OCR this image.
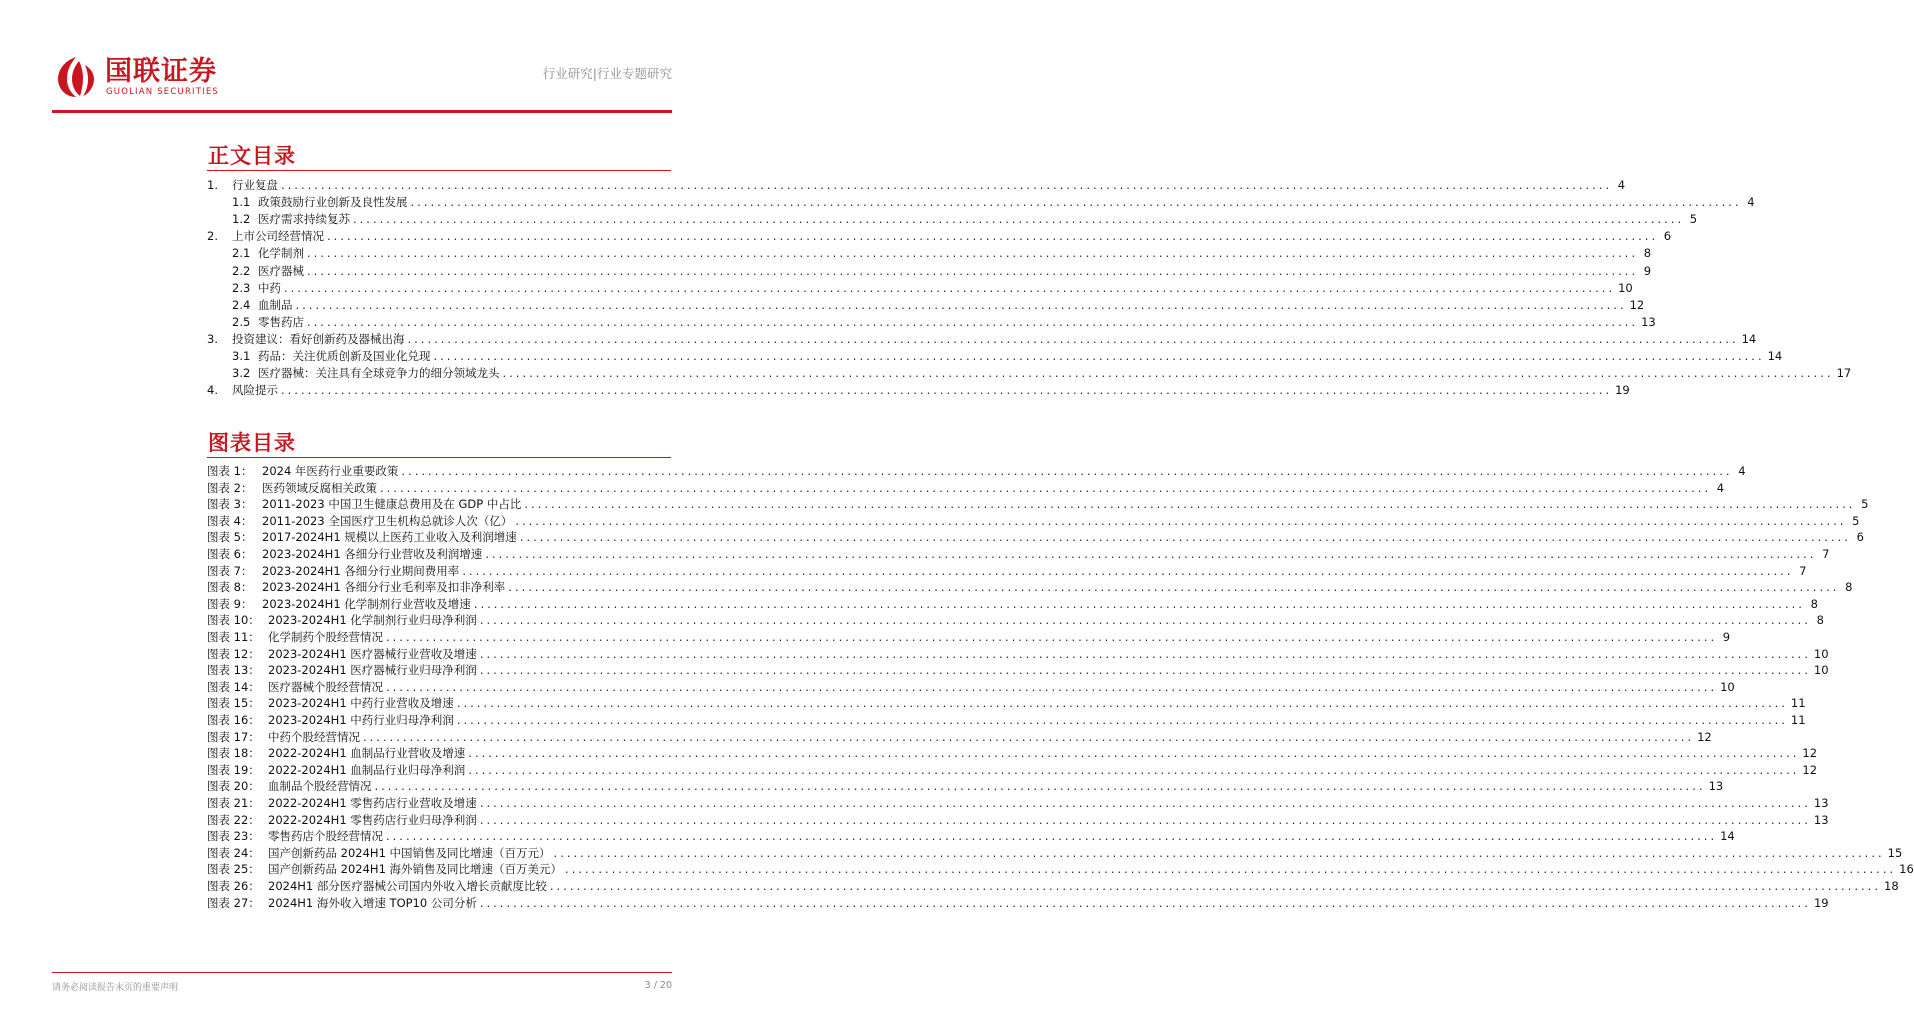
国联证券
GUOLIAN SECURITIES
行业研究|行业专题研究
正文目录
1. 行业复盘 ........................................................................................................................................................................................................ 4
1.1 政策鼓励行业创新及良性发展 ........................................................................................................................................................................................................ 4
1.2 医疗需求持续复苏 ........................................................................................................................................................................................................ 5
2. 上市公司经营情况 ........................................................................................................................................................................................................ 6
2.1 化学制剂 ........................................................................................................................................................................................................ 8
2.2 医疗器械 ........................................................................................................................................................................................................ 9
2.3 中药 ........................................................................................................................................................................................................ 10
2.4 血制品 ........................................................................................................................................................................................................ 12
2.5 零售药店 ........................................................................................................................................................................................................ 13
3. 投资建议：看好创新药及器械出海 ........................................................................................................................................................................................................ 14
3.1 药品：关注优质创新及国业化兑现 ........................................................................................................................................................................................................ 14
3.2 医疗器械：关注具有全球竞争力的细分领域龙头 ........................................................................................................................................................................................................ 17
4. 风险提示 ........................................................................................................................................................................................................ 19
图表目录
图表 1： 2024 年医药行业重要政策 ........................................................................................................................................................................................................ 4
图表 2： 医药领域反腐相关政策 ........................................................................................................................................................................................................ 4
图表 3： 2011-2023 中国卫生健康总费用及在 GDP 中占比 ........................................................................................................................................................................................................ 5
图表 4： 2011-2023 全国医疗卫生机构总就诊人次（亿） ........................................................................................................................................................................................................ 5
图表 5： 2017-2024H1 规模以上医药工业收入及利润增速 ........................................................................................................................................................................................................ 6
图表 6： 2023-2024H1 各细分行业营收及利润增速 ........................................................................................................................................................................................................ 7
图表 7： 2023-2024H1 各细分行业期间费用率 ........................................................................................................................................................................................................ 7
图表 8： 2023-2024H1 各细分行业毛利率及扣非净利率 ........................................................................................................................................................................................................ 8
图表 9： 2023-2024H1 化学制剂行业营收及增速 ........................................................................................................................................................................................................ 8
图表 10： 2023-2024H1 化学制剂行业归母净利润 ........................................................................................................................................................................................................ 8
图表 11： 化学制药个股经营情况 ........................................................................................................................................................................................................ 9
图表 12： 2023-2024H1 医疗器械行业营收及增速 ........................................................................................................................................................................................................ 10
图表 13： 2023-2024H1 医疗器械行业归母净利润 ........................................................................................................................................................................................................ 10
图表 14： 医疗器械个股经营情况 ........................................................................................................................................................................................................ 10
图表 15： 2023-2024H1 中药行业营收及增速 ........................................................................................................................................................................................................ 11
图表 16： 2023-2024H1 中药行业归母净利润 ........................................................................................................................................................................................................ 11
图表 17： 中药个股经营情况 ........................................................................................................................................................................................................ 12
图表 18： 2022-2024H1 血制品行业营收及增速 ........................................................................................................................................................................................................ 12
图表 19： 2022-2024H1 血制品行业归母净利润 ........................................................................................................................................................................................................ 12
图表 20： 血制品个股经营情况 ........................................................................................................................................................................................................ 13
图表 21： 2022-2024H1 零售药店行业营收及增速 ........................................................................................................................................................................................................ 13
图表 22： 2022-2024H1 零售药店行业归母净利润 ........................................................................................................................................................................................................ 13
图表 23： 零售药店个股经营情况 ........................................................................................................................................................................................................ 14
图表 24： 国产创新药品 2024H1 中国销售及同比增速（百万元） ........................................................................................................................................................................................................ 15
图表 25： 国产创新药品 2024H1 海外销售及同比增速（百万美元） ........................................................................................................................................................................................................ 16
图表 26： 2024H1 部分医疗器械公司国内外收入增长贡献度比较 ........................................................................................................................................................................................................ 18
图表 27： 2024H1 海外收入增速 TOP10 公司分析 ........................................................................................................................................................................................................ 19
请务必阅读报告末页的重要声明	3 / 20
